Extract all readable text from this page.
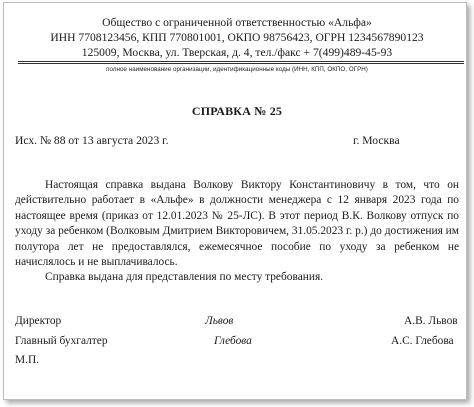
Общество с ограниченной ответственностью «Альфа»
ИНН 7708123456, КПП 770801001, ОКПО 98756423, ОГРН 1234567890123
125009, Москва, ул. Тверская, д. 4, тел./факс + 7(499)489-45-93
полное наименование организации, идентификационные коды (ИНН, КПП, ОКПО, ОГРН)
СПРАВКА № 25
Исх. № 88 от 13 августа 2023 г.	г. Москва

Настоящая справка выдана Волкову Виктору Константиновичу в том, что он действительно работает в «Альфе» в должности менеджера с 12 января 2023 года по настоящее время (приказ от 12.01.2023 № 25-ЛС). В этот период В.К. Волкову отпуск по уходу за ребенком (Волковым Дмитрием Викторовичем, 31.05.2023 г. р.) до достижения им полутора лет не предоставлялся, ежемесячное пособие по уходу за ребенком не начислялось и не выплачивалось.

Справка выдана для представления по месту требования.

Директор	Львов	А.В. Львов
Главный бухгалтер	Глебова	А.С. Глебова
М.П.
